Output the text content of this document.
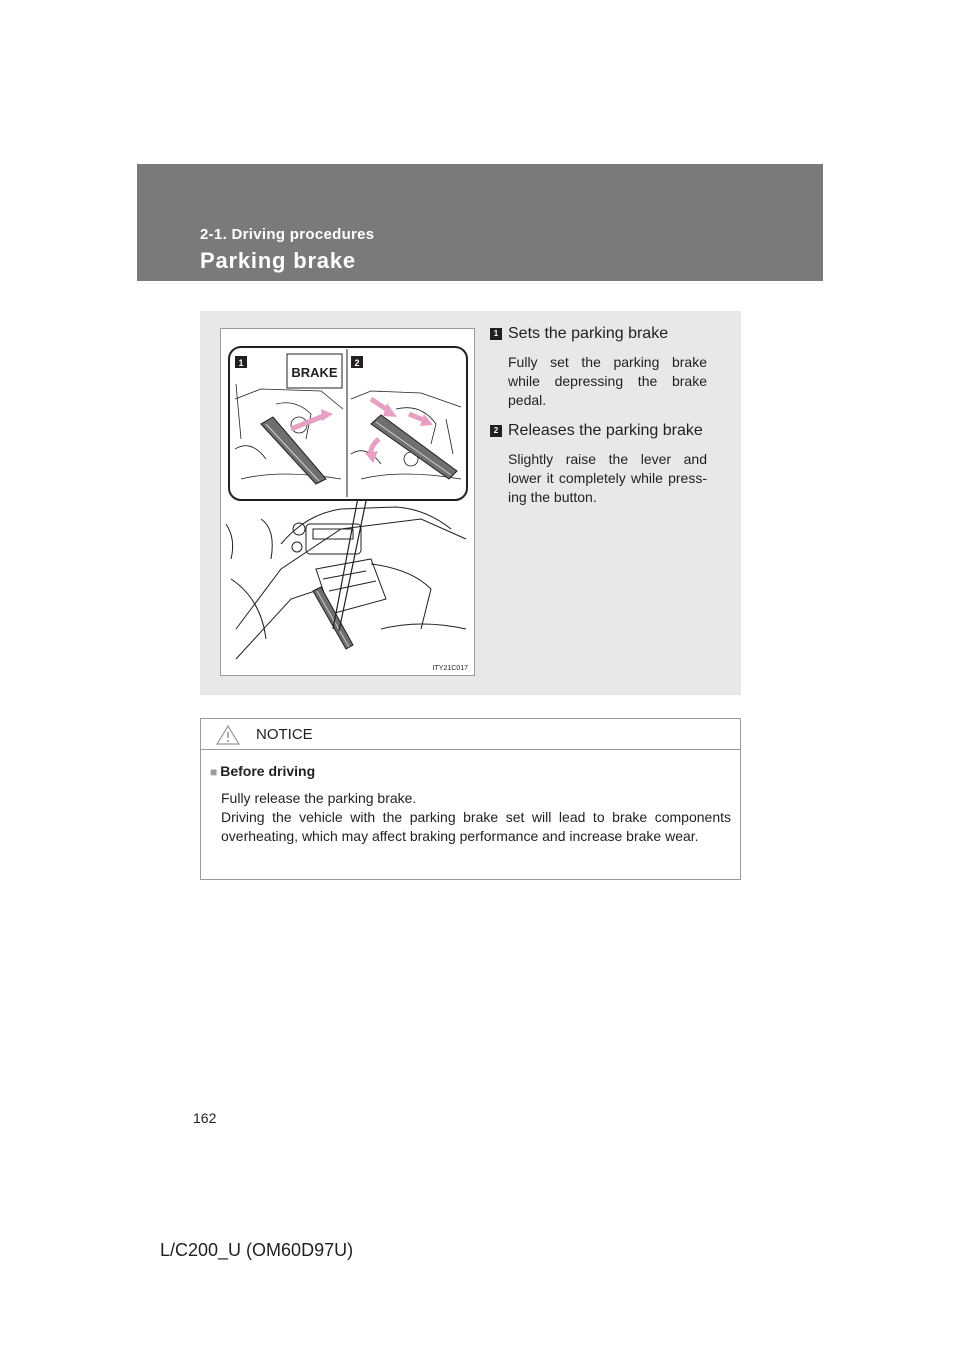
2-1. Driving procedures
Parking brake
BRAKE
1	2
ITY21C017
1 Sets the parking brake
Fully set the parking brake while depressing the brake pedal.
2 Releases the parking brake
Slightly raise the lever and lower it completely while press-ing the button.
NOTICE
■ Before driving
Fully release the parking brake.
Driving the vehicle with the parking brake set will lead to brake components overheating, which may affect braking performance and increase brake wear.
162
L/C200_U (OM60D97U)
